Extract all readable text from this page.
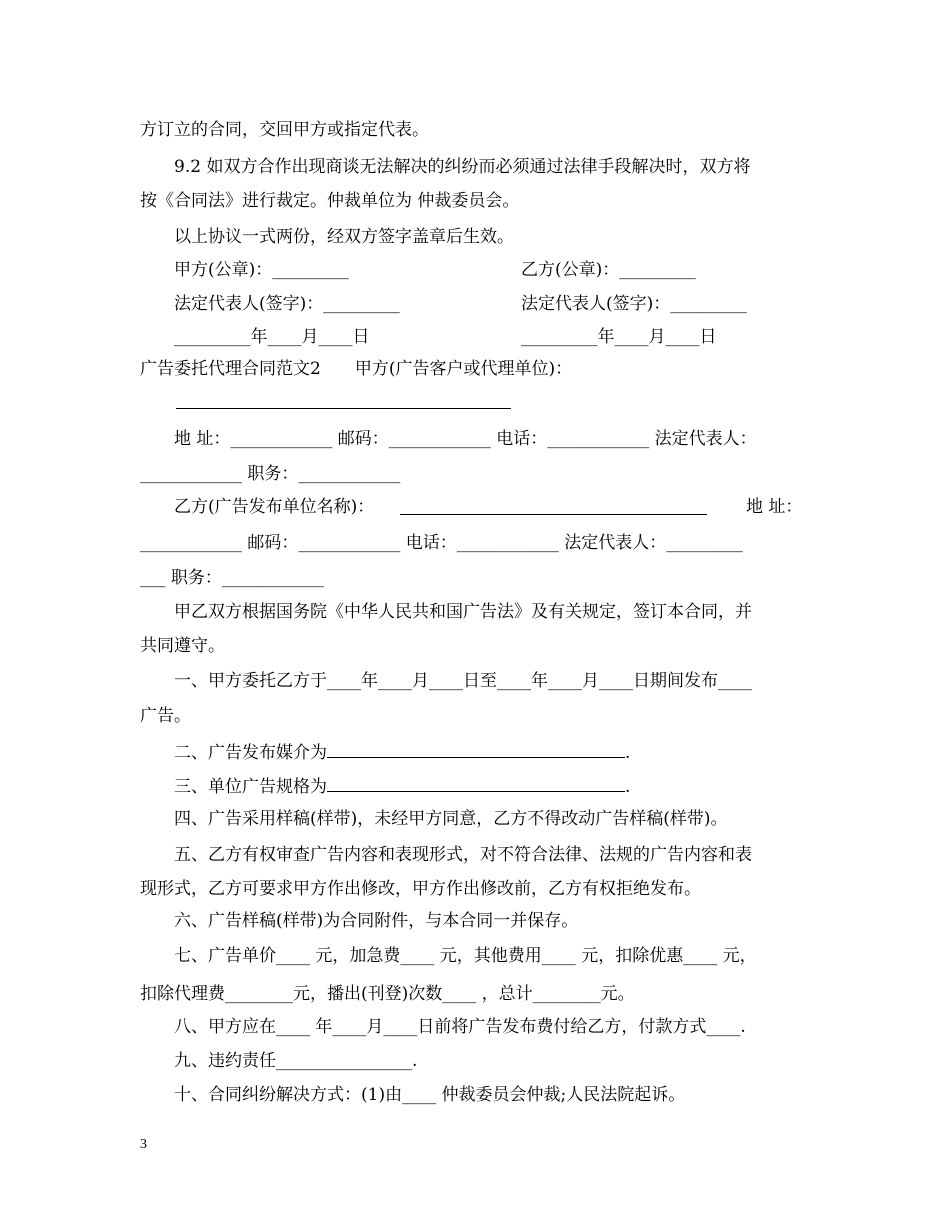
方订立的合同，交回甲方或指定代表。
9.2 如双方合作出现商谈无法解决的纠纷而必须通过法律手段解决时，双方将
按《合同法》进行裁定。仲裁单位为 仲裁委员会。
以上协议一式两份，经双方签字盖章后生效。
甲方(公章)：_________	乙方(公章)：_________
法定代表人(签字)：_________	法定代表人(签字)：_________
_________年____月____日	_________年____月____日
广告委托代理合同范文2　　甲方(广告客户或代理单位)：
地 址：____________ 邮码：____________ 电话：____________ 法定代表人：
____________ 职务：____________
乙方(广告发布单位名称)：	地 址：
____________ 邮码：____________ 电话：____________ 法定代表人：_________
___ 职务：____________
甲乙双方根据国务院《中华人民共和国广告法》及有关规定，签订本合同，并
共同遵守。
一、甲方委托乙方于____年____月____日至____年____月____日期间发布____
广告。
二、广告发布媒介为	.
三、单位广告规格为	.
四、广告采用样稿(样带)，未经甲方同意，乙方不得改动广告样稿(样带)。
五、乙方有权审查广告内容和表现形式，对不符合法律、法规的广告内容和表
现形式，乙方可要求甲方作出修改，甲方作出修改前，乙方有权拒绝发布。
六、广告样稿(样带)为合同附件，与本合同一并保存。
七、广告单价____ 元，加急费____ 元，其他费用____ 元，扣除优惠____ 元，
扣除代理费________元，播出(刊登)次数____ ，总计________元。
八、甲方应在____ 年____月____日前将广告发布费付给乙方，付款方式____.
九、违约责任________________.
十、合同纠纷解决方式：(1)由____ 仲裁委员会仲裁;人民法院起诉。
3
